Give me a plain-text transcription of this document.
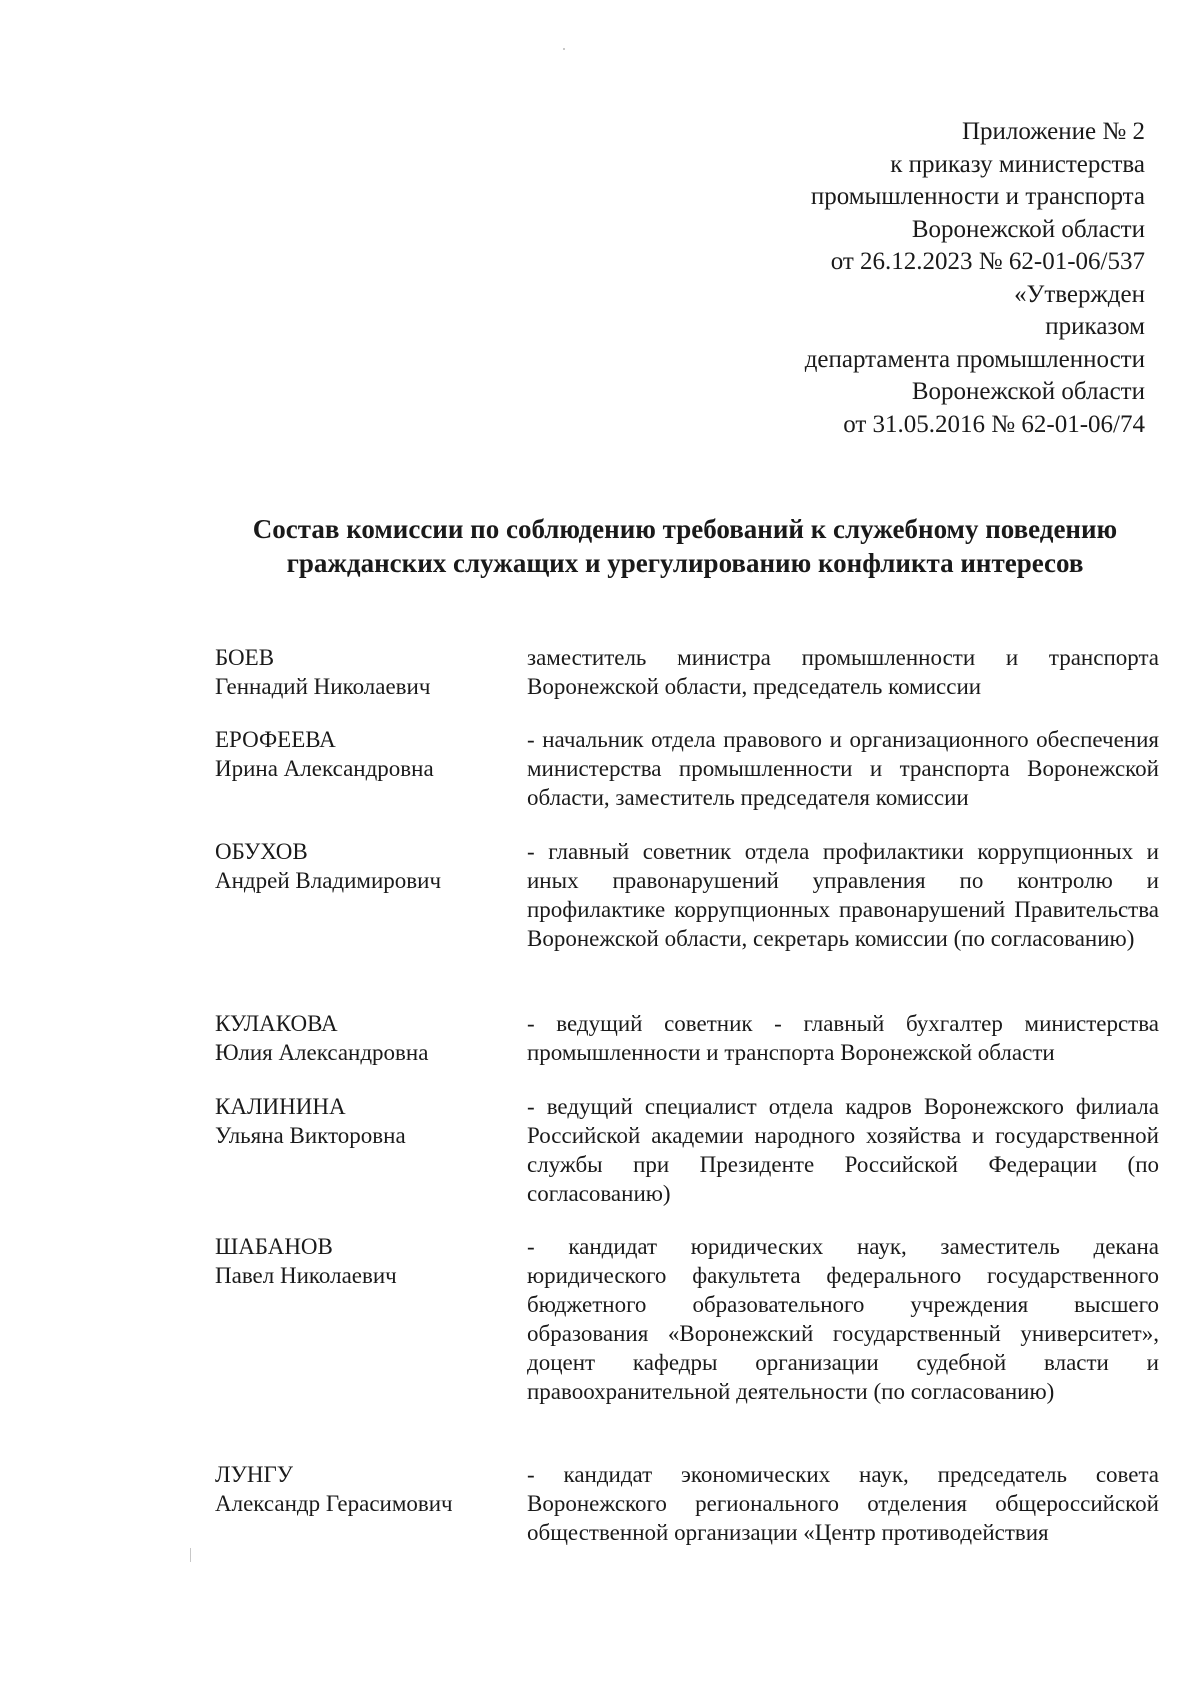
Приложение № 2
к приказу министерства
промышленности и транспорта
Воронежской области
от 26.12.2023 № 62-01-06/537
«Утвержден
приказом
департамента промышленности
Воронежской области
от 31.05.2016 № 62-01-06/74
Состав комиссии по соблюдению требований к служебному поведению гражданских служащих и урегулированию конфликта интересов
БОЕВ
Геннадий Николаевич
заместитель министра промышленности и транспорта Воронежской области, председатель комиссии
ЕРОФЕЕВА
Ирина Александровна
- начальник отдела правового и организационного обеспечения министерства промышленности и транспорта Воронежской области, заместитель председателя комиссии
ОБУХОВ
Андрей Владимирович
- главный советник отдела профилактики коррупционных и иных правонарушений управления по контролю и профилактике коррупционных правонарушений Правительства Воронежской области, секретарь комиссии (по согласованию)
КУЛАКОВА
Юлия Александровна
- ведущий советник - главный бухгалтер министерства промышленности и транспорта Воронежской области
КАЛИНИНА
Ульяна Викторовна
- ведущий специалист отдела кадров Воронежского филиала Российской академии народного хозяйства и государственной службы при Президенте Российской Федерации (по согласованию)
ШАБАНОВ
Павел Николаевич
- кандидат юридических наук, заместитель декана юридического факультета федерального государственного бюджетного образовательного учреждения высшего образования «Воронежский государственный университет», доцент кафедры организации судебной власти и правоохранительной деятельности (по согласованию)
ЛУНГУ
Александр Герасимович
- кандидат экономических наук, председатель совета Воронежского регионального отделения общероссийской общественной организации «Центр противодействия
